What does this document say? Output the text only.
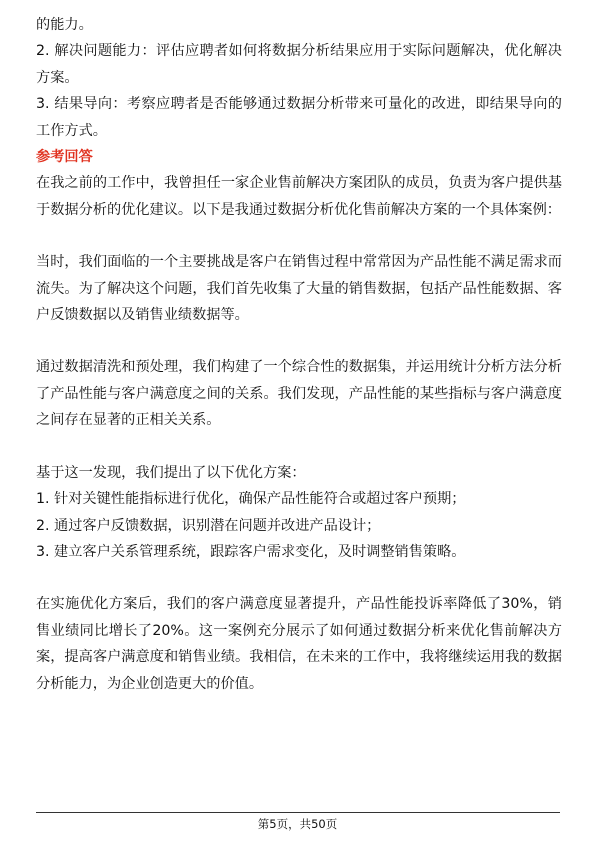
的能力。

2. 解决问题能力：评估应聘者如何将数据分析结果应用于实际问题解决，优化解决方案。

3. 结果导向：考察应聘者是否能够通过数据分析带来可量化的改进，即结果导向的工作方式。

参考回答

在我之前的工作中，我曾担任一家企业售前解决方案团队的成员，负责为客户提供基于数据分析的优化建议。以下是我通过数据分析优化售前解决方案的一个具体案例：

当时，我们面临的一个主要挑战是客户在销售过程中常常因为产品性能不满足需求而流失。为了解决这个问题，我们首先收集了大量的销售数据，包括产品性能数据、客户反馈数据以及销售业绩数据等。

通过数据清洗和预处理，我们构建了一个综合性的数据集，并运用统计分析方法分析了产品性能与客户满意度之间的关系。我们发现，产品性能的某些指标与客户满意度之间存在显著的正相关关系。

基于这一发现，我们提出了以下优化方案：

1. 针对关键性能指标进行优化，确保产品性能符合或超过客户预期；

2. 通过客户反馈数据，识别潜在问题并改进产品设计；

3. 建立客户关系管理系统，跟踪客户需求变化，及时调整销售策略。

在实施优化方案后，我们的客户满意度显著提升，产品性能投诉率降低了30%，销售业绩同比增长了20%。这一案例充分展示了如何通过数据分析来优化售前解决方案，提高客户满意度和销售业绩。我相信，在未来的工作中，我将继续运用我的数据分析能力，为企业创造更大的价值。

第5页，共50页
